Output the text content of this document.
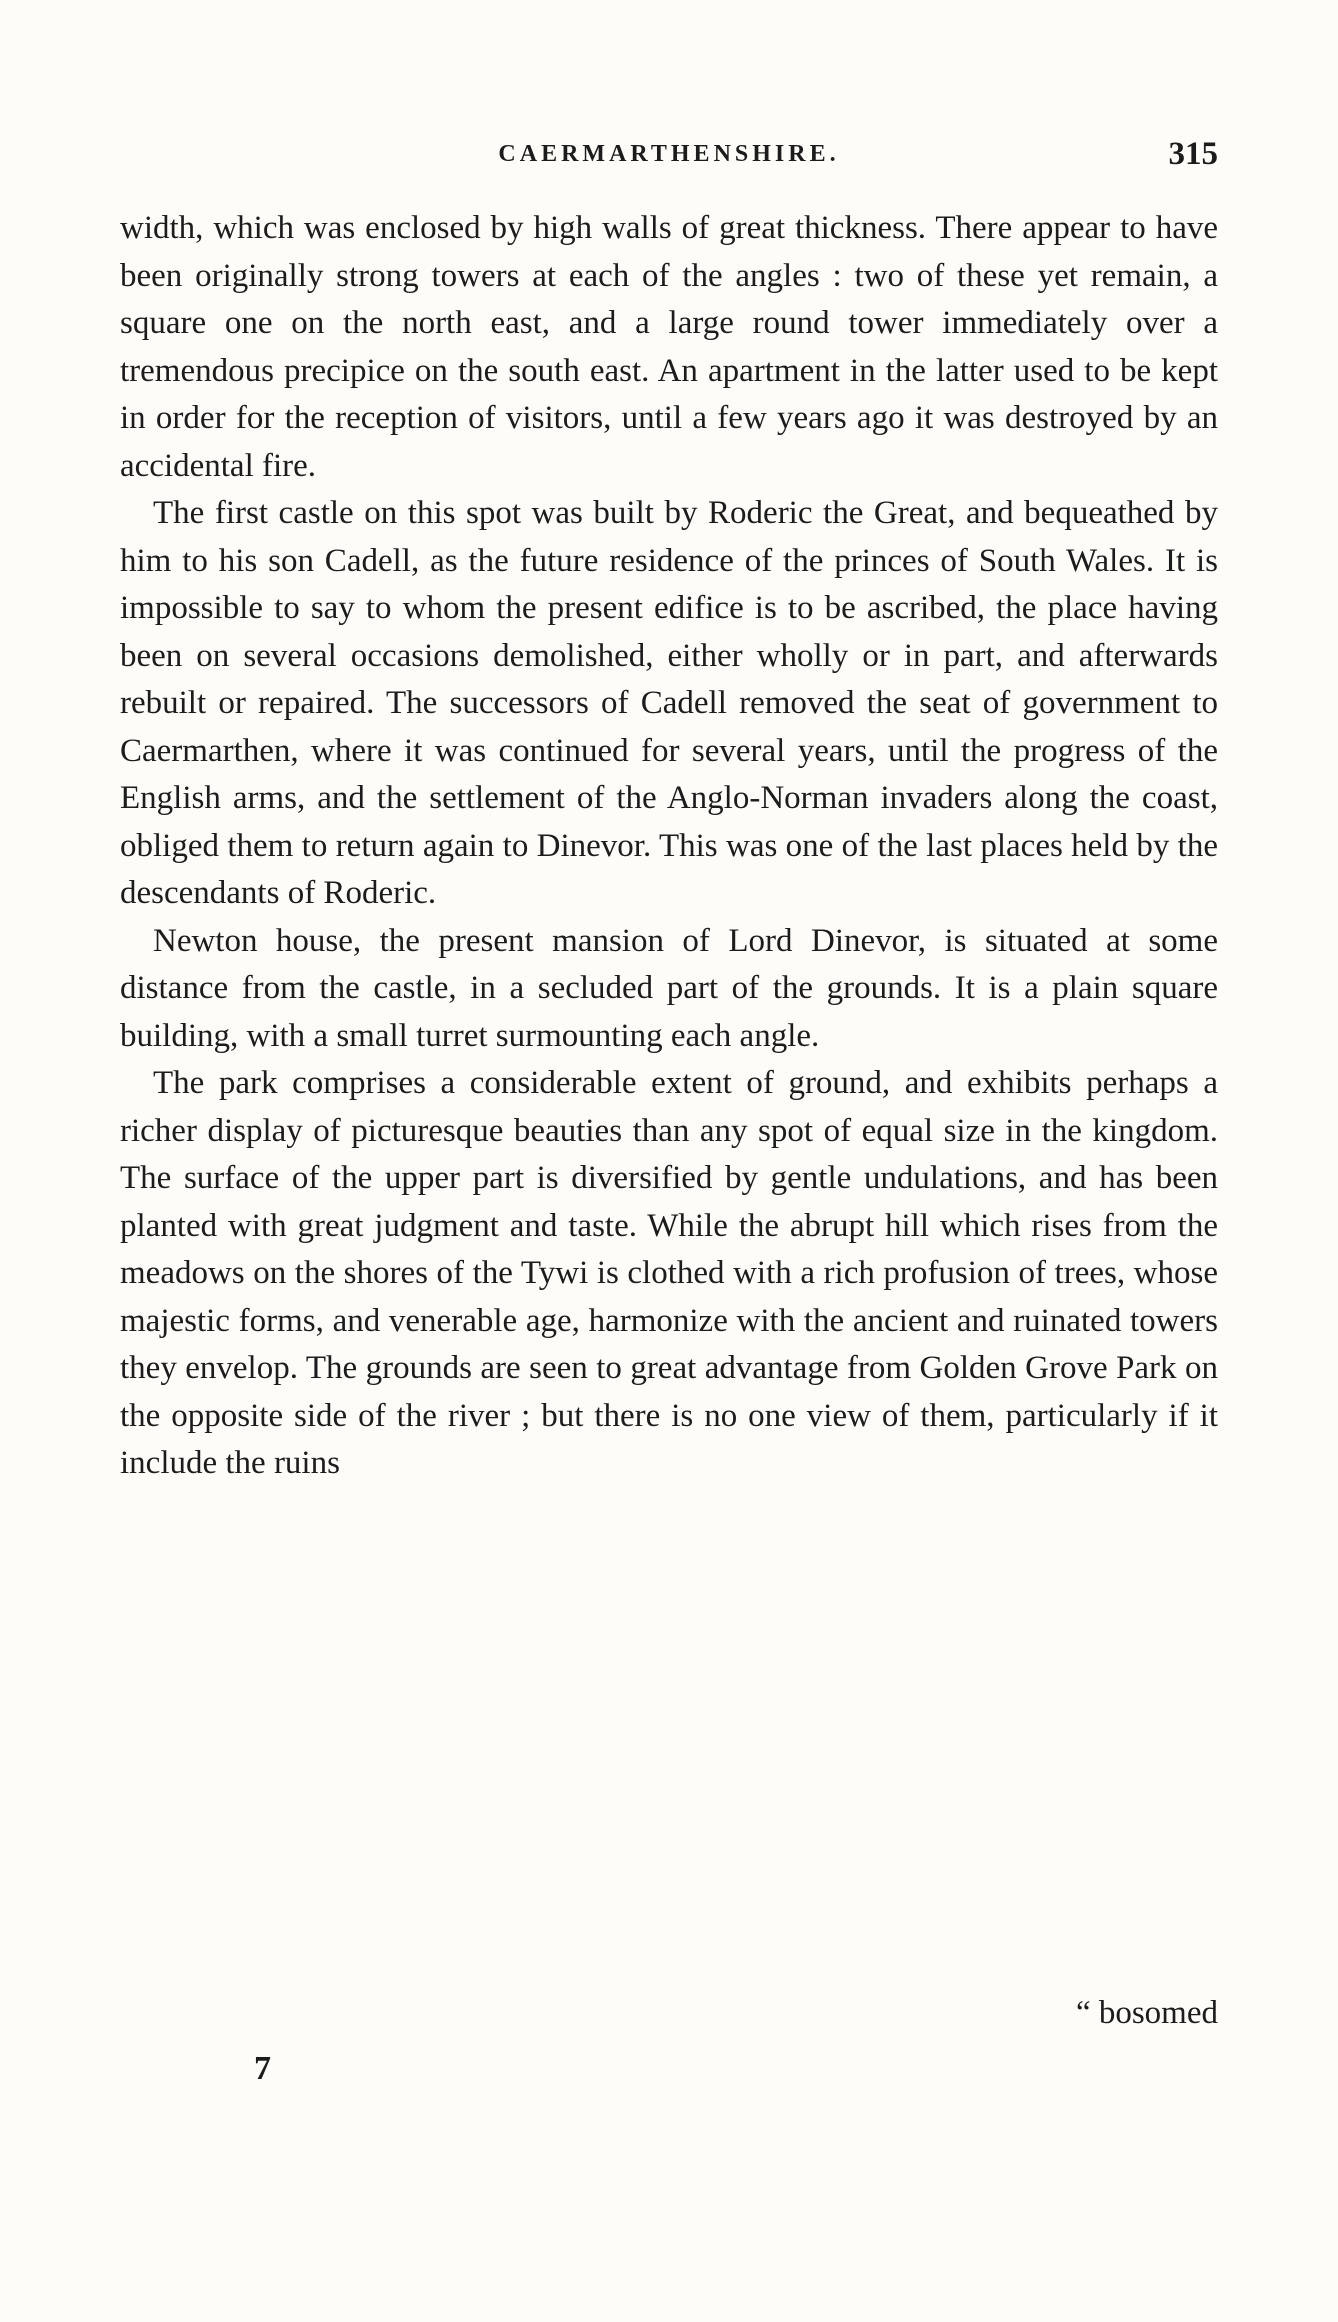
CAERMARTHENSHIRE.	315

width, which was enclosed by high walls of great thickness. There appear to have been originally strong towers at each of the angles : two of these yet remain, a square one on the north east, and a large round tower immediately over a tremendous precipice on the south east. An apartment in the latter used to be kept in order for the reception of visitors, until a few years ago it was destroyed by an accidental fire.

The first castle on this spot was built by Roderic the Great, and bequeathed by him to his son Cadell, as the future residence of the princes of South Wales. It is impossible to say to whom the present edifice is to be ascribed, the place having been on several occasions demolished, either wholly or in part, and afterwards rebuilt or repaired. The successors of Cadell removed the seat of government to Caermarthen, where it was continued for several years, until the progress of the English arms, and the settlement of the Anglo-Norman invaders along the coast, obliged them to return again to Dinevor. This was one of the last places held by the descendants of Roderic.

Newton house, the present mansion of Lord Dinevor, is situated at some distance from the castle, in a secluded part of the grounds. It is a plain square building, with a small turret surmounting each angle.

The park comprises a considerable extent of ground, and exhibits perhaps a richer display of picturesque beauties than any spot of equal size in the kingdom. The surface of the upper part is diversified by gentle undulations, and has been planted with great judgment and taste. While the abrupt hill which rises from the meadows on the shores of the Tywi is clothed with a rich profusion of trees, whose majestic forms, and venerable age, harmonize with the ancient and ruinated towers they envelop. The grounds are seen to great advantage from Golden Grove Park on the opposite side of the river ; but there is no one view of them, particularly if it include the ruins

“ bosomed
7
